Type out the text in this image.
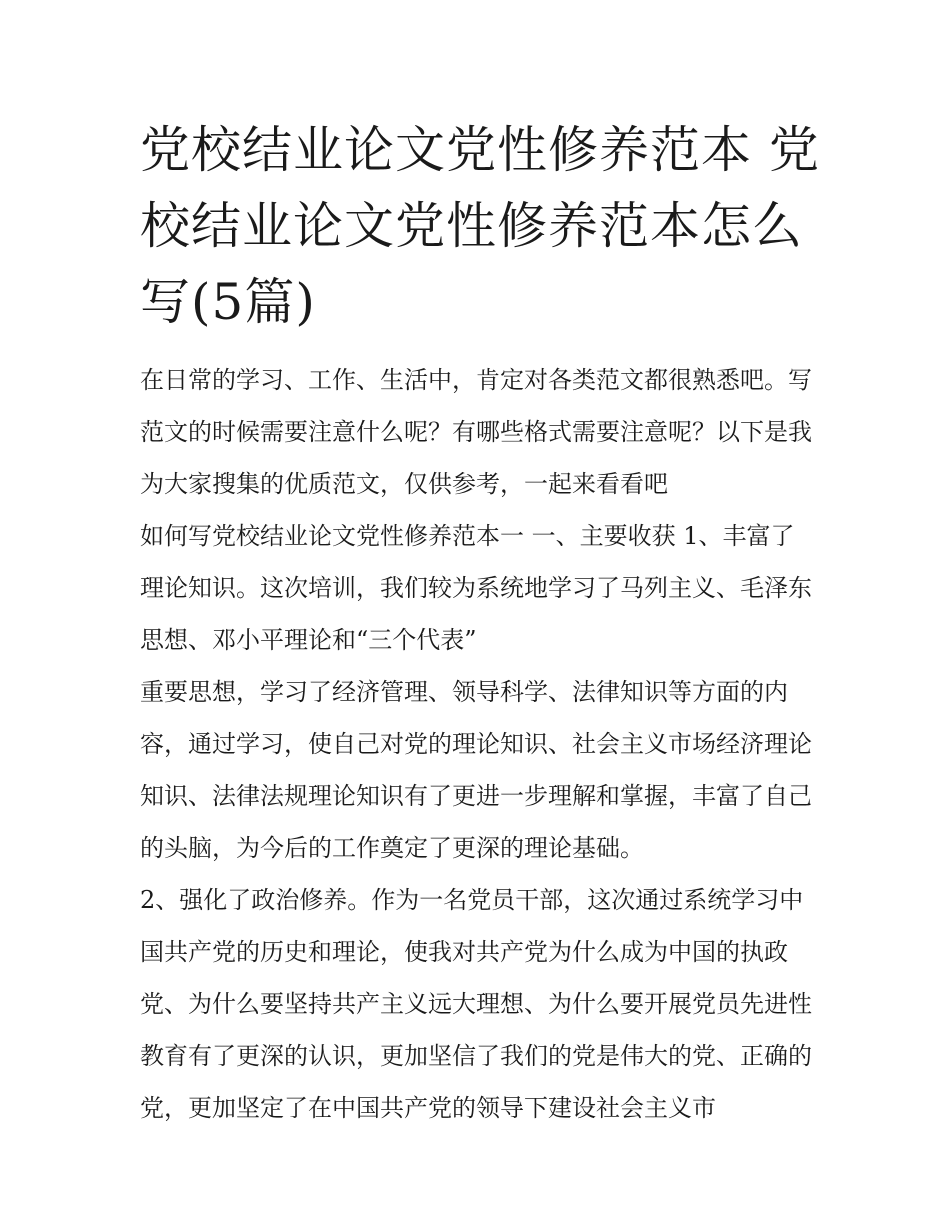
党校结业论文党性修养范本 党校结业论文党性修养范本怎么写(5篇)

在日常的学习、工作、生活中，肯定对各类范文都很熟悉吧。写范文的时候需要注意什么呢？有哪些格式需要注意呢？以下是我为大家搜集的优质范文，仅供参考，一起来看看吧

如何写党校结业论文党性修养范本一 一、主要收获 1、丰富了理论知识。这次培训，我们较为系统地学习了马列主义、毛泽东思想、邓小平理论和“三个代表”

重要思想，学习了经济管理、领导科学、法律知识等方面的内容，通过学习，使自己对党的理论知识、社会主义市场经济理论知识、法律法规理论知识有了更进一步理解和掌握，丰富了自己的头脑，为今后的工作奠定了更深的理论基础。

2、强化了政治修养。作为一名党员干部，这次通过系统学习中国共产党的历史和理论，使我对共产党为什么成为中国的执政党、为什么要坚持共产主义远大理想、为什么要开展党员先进性教育有了更深的认识，更加坚信了我们的党是伟大的党、正确的党，更加坚定了在中国共产党的领导下建设社会主义市
